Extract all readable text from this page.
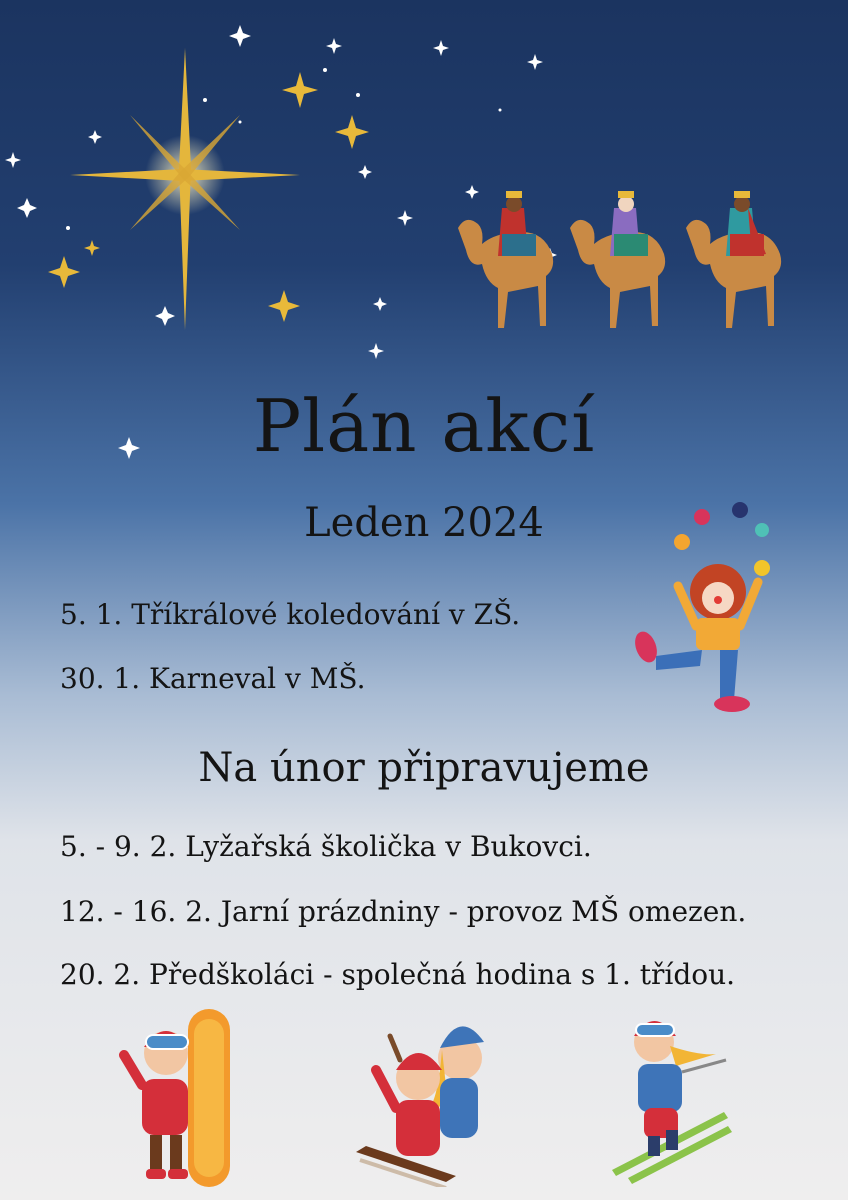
Plán akcí
Leden 2024
5. 1. Tříkrálové koledování v ZŠ.
30. 1. Karneval v MŠ.
Na únor připravujeme
5. - 9. 2. Lyžařská školička v Bukovci.
12. - 16. 2. Jarní prázdniny - provoz MŠ omezen.
20. 2. Předškoláci - společná hodina s 1. třídou.
